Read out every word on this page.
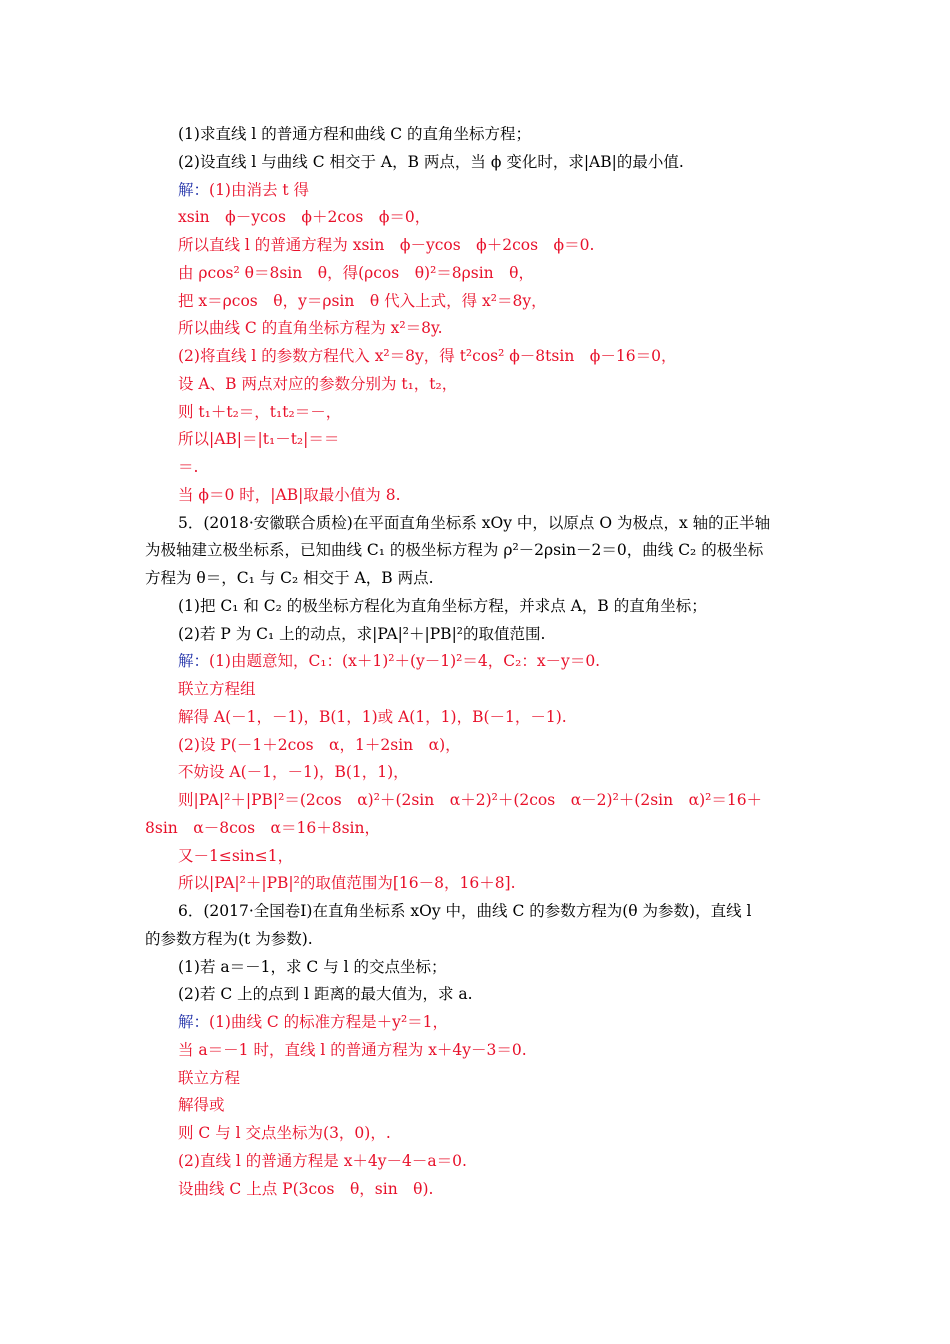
(1)求直线 l 的普通方程和曲线 C 的直角坐标方程；
(2)设直线 l 与曲线 C 相交于 A，B 两点，当 ϕ 变化时，求|AB|的最小值.
解：(1)由消去 t 得
xsin　ϕ－ycos　ϕ＋2cos　ϕ＝0，
所以直线 l 的普通方程为 xsin　ϕ－ycos　ϕ＋2cos　ϕ＝0.
由 ρcos² θ＝8sin　θ，得(ρcos　θ)²＝8ρsin　θ，
把 x＝ρcos　θ，y＝ρsin　θ 代入上式，得 x²＝8y，
所以曲线 C 的直角坐标方程为 x²＝8y.
(2)将直线 l 的参数方程代入 x²＝8y，得 t²cos² ϕ－8tsin　ϕ－16＝0，
设 A、B 两点对应的参数分别为 t₁，t₂，
则 t₁＋t₂＝，t₁t₂＝－，
所以|AB|＝|t₁－t₂|＝＝
＝.
当 ϕ＝0 时，|AB|取最小值为 8.
5．(2018·安徽联合质检)在平面直角坐标系 xOy 中，以原点 O 为极点，x 轴的正半轴
为极轴建立极坐标系，已知曲线 C₁ 的极坐标方程为 ρ²－2ρsin－2＝0，曲线 C₂ 的极坐标
方程为 θ＝，C₁ 与 C₂ 相交于 A，B 两点.
(1)把 C₁ 和 C₂ 的极坐标方程化为直角坐标方程，并求点 A，B 的直角坐标；
(2)若 P 为 C₁ 上的动点，求|PA|²＋|PB|²的取值范围.
解：(1)由题意知，C₁：(x＋1)²＋(y－1)²＝4，C₂：x－y＝0.
联立方程组
解得 A(－1，－1)，B(1，1)或 A(1，1)，B(－1，－1).
(2)设 P(－1＋2cos　α，1＋2sin　α)，
不妨设 A(－1，－1)，B(1，1)，
则|PA|²＋|PB|²＝(2cos　α)²＋(2sin　α＋2)²＋(2cos　α－2)²＋(2sin　α)²＝16＋
8sin　α－8cos　α＝16＋8sin，
又－1≤sin≤1，
所以|PA|²＋|PB|²的取值范围为[16－8，16＋8].
6．(2017·全国卷Ⅰ)在直角坐标系 xOy 中，曲线 C 的参数方程为(θ 为参数)，直线 l
的参数方程为(t 为参数).
(1)若 a＝－1，求 C 与 l 的交点坐标；
(2)若 C 上的点到 l 距离的最大值为，求 a.
解：(1)曲线 C 的标准方程是＋y²＝1，
当 a＝－1 时，直线 l 的普通方程为 x＋4y－3＝0.
联立方程
解得或
则 C 与 l 交点坐标为(3，0)，.
(2)直线 l 的普通方程是 x＋4y－4－a＝0.
设曲线 C 上点 P(3cos　θ，sin　θ).
